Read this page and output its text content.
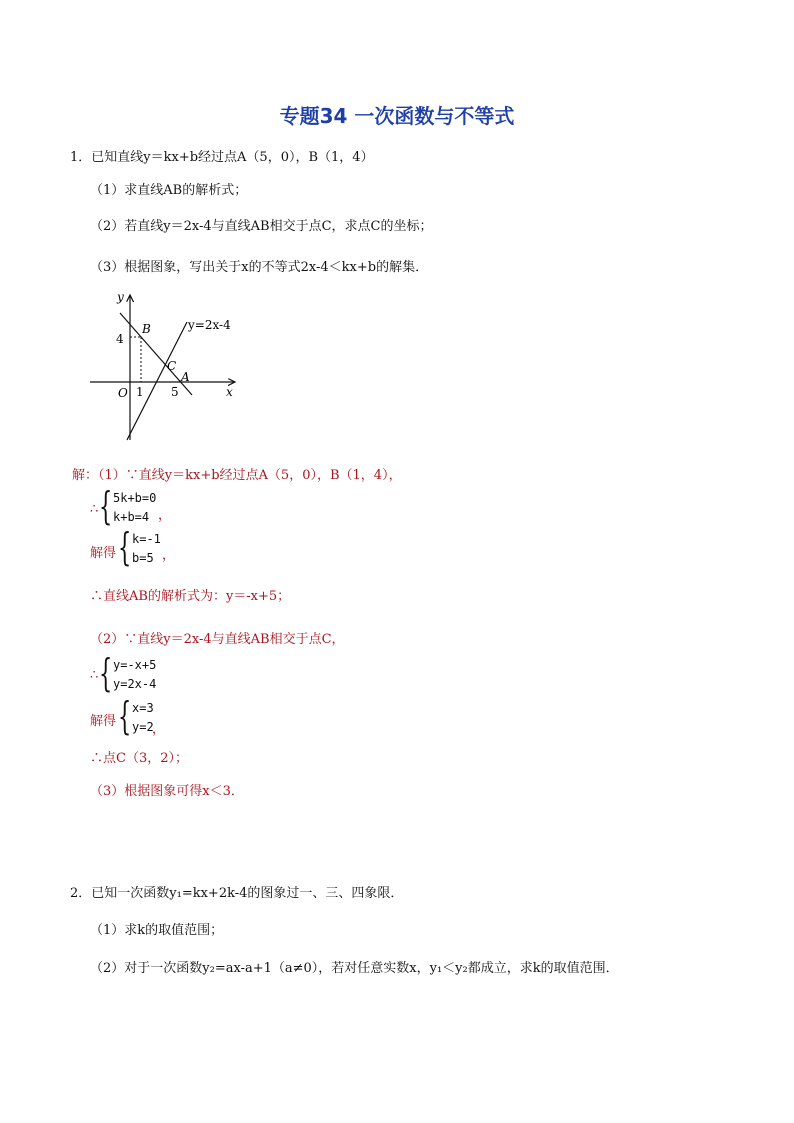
专题34 一次函数与不等式
1．已知直线y＝kx+b经过点A（5，0），B（1，4）
（1）求直线AB的解析式；
（2）若直线y＝2x-4与直线AB相交于点C，求点C的坐标；
（3）根据图象，写出关于x的不等式2x-4＜kx+b的解集．
y
x
O
B
A
C
4
1 5
y=2x-4
解：（1）∵直线y＝kx+b经过点A（5，0），B（1，4），
∴ { 5k+b=0
k+b=4 ，
解得 { k=-1
b=5 ，
∴直线AB的解析式为：y＝-x+5；
（2）∵直线y＝2x-4与直线AB相交于点C，
∴ { y=-x+5
y=2x-4
解得 { x=3
y=2
，
∴点C（3，2）；
（3）根据图象可得x＜3．
2．已知一次函数y₁=kx+2k-4的图象过一、三、四象限．
（1）求k的取值范围；
（2）对于一次函数y₂=ax-a+1（a≠0），若对任意实数x，y₁＜y₂都成立，求k的取值范围．
